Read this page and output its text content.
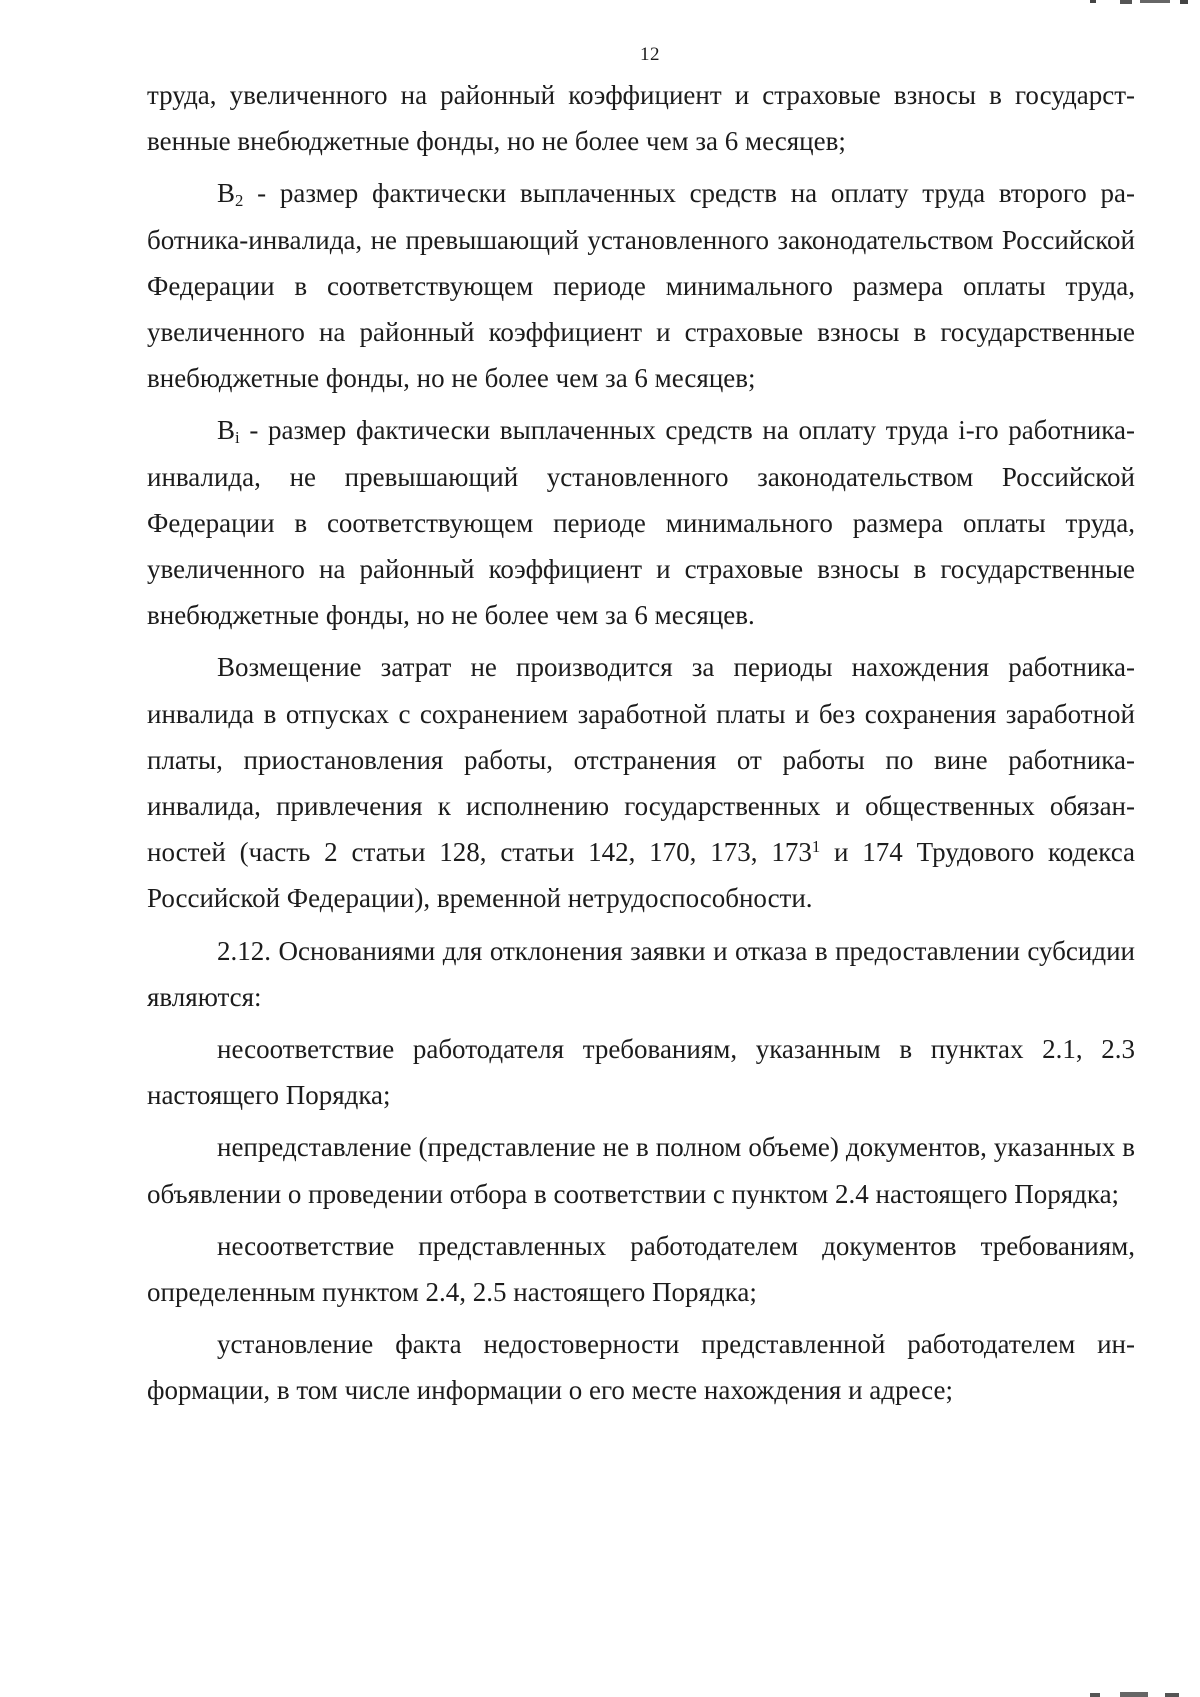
12

труда, увеличенного на районный коэффициент и страховые взносы в государственные внебюджетные фонды, но не более чем за 6 месяцев;

$B_2$ - размер фактически выплаченных средств на оплату труда второго работника-инвалида, не превышающий установленного законодательством Российской Федерации в соответствующем периоде минимального размера оплаты труда, увеличенного на районный коэффициент и страховые взносы в государственные внебюджетные фонды, но не более чем за 6 месяцев;

$B_i$ - размер фактически выплаченных средств на оплату труда i-го работника-инвалида, не превышающий установленного законодательством Российской Федерации в соответствующем периоде минимального размера оплаты труда, увеличенного на районный коэффициент и страховые взносы в государственные внебюджетные фонды, но не более чем за 6 месяцев.

Возмещение затрат не производится за периоды нахождения работника-инвалида в отпусках с сохранением заработной платы и без сохранения заработной платы, приостановления работы, отстранения от работы по вине работника-инвалида, привлечения к исполнению государственных и общественных обязанностей (часть 2 статьи 128, статьи 142, 170, 173, $173^1$ и 174 Трудового кодекса Российской Федерации), временной нетрудоспособности.

2.12. Основаниями для отклонения заявки и отказа в предоставлении субсидии являются:

несоответствие работодателя требованиям, указанным в пунктах 2.1, 2.3 настоящего Порядка;

непредставление (представление не в полном объеме) документов, указанных в объявлении о проведении отбора в соответствии с пунктом 2.4 настоящего Порядка;

несоответствие представленных работодателем документов требованиям, определенным пунктом 2.4, 2.5 настоящего Порядка;

установление факта недостоверности представленной работодателем информации, в том числе информации о его месте нахождения и адресе;
